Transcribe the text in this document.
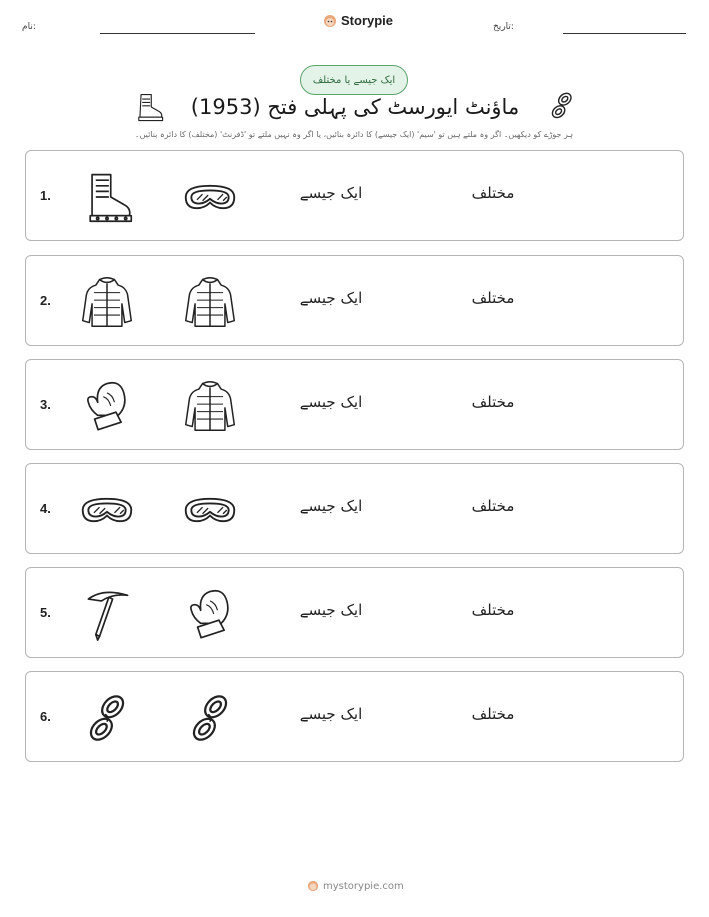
نام:	Storypie	تاریخ:
ایک جیسے یا مختلف
ماؤنٹ ایورسٹ کی پہلی فتح (1953)
ہر جوڑے کو دیکھیں۔ اگر وہ ملتے ہیں تو 'سیم' (ایک جیسے) کا دائرہ بنائیں، یا اگر وہ نہیں ملتے تو 'ڈفرنٹ' (مختلف) کا دائرہ بنائیں۔
1.	ایک جیسے	مختلف
2.	ایک جیسے	مختلف
3.	ایک جیسے	مختلف
4.	ایک جیسے	مختلف
5.	ایک جیسے	مختلف
6.	ایک جیسے	مختلف
mystorypie.com
